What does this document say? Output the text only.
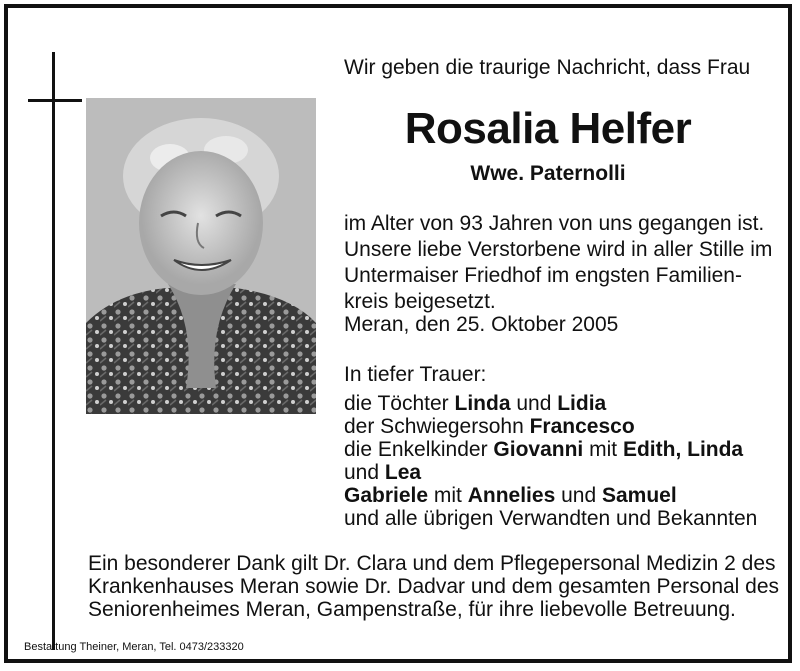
Wir geben die traurige Nachricht, dass Frau
Rosalia Helfer
Wwe. Paternolli
im Alter von 93 Jahren von uns gegangen ist.
Unsere liebe Verstorbene wird in aller Stille im
Untermaiser Friedhof im engsten Familien-
kreis beigesetzt.
Meran, den 25. Oktober 2005
In tiefer Trauer:
die Töchter Linda und Lidia
der Schwiegersohn Francesco
die Enkelkinder Giovanni mit Edith, Linda
und Lea
Gabriele mit Annelies und Samuel
und alle übrigen Verwandten und Bekannten
Ein besonderer Dank gilt Dr. Clara und dem Pflegepersonal Medizin 2 des
Krankenhauses Meran sowie Dr. Dadvar und dem gesamten Personal des
Seniorenheimes Meran, Gampenstraße, für ihre liebevolle Betreuung.
Bestattung Theiner, Meran, Tel. 0473/233320
